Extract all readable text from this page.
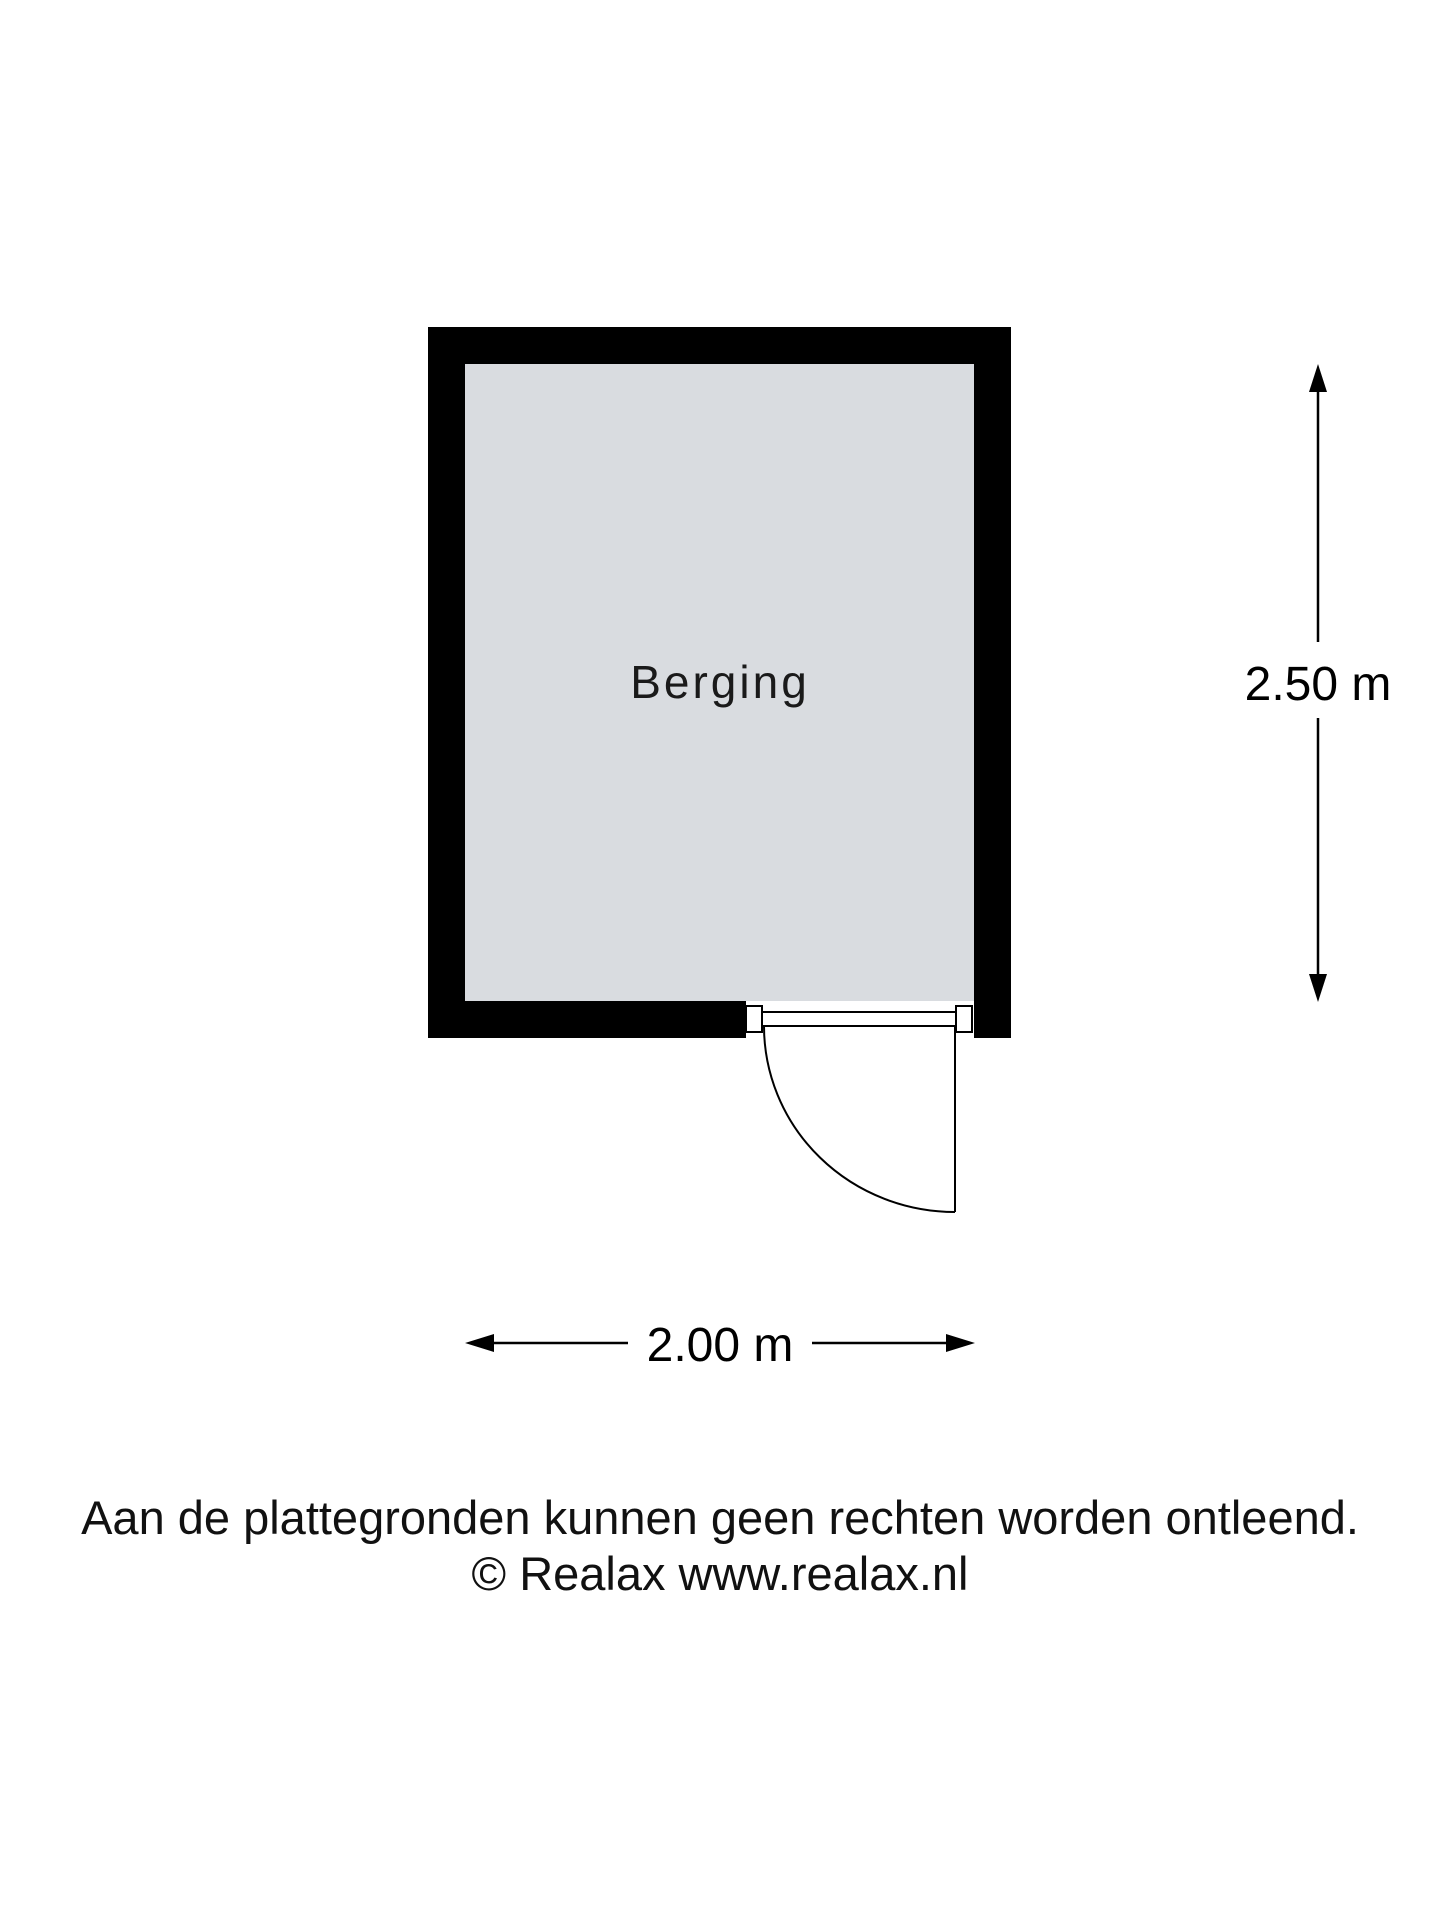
Berging	2.50 m
2.00 m
Aan de plattegronden kunnen geen rechten worden ontleend.
© Realax www.realax.nl
